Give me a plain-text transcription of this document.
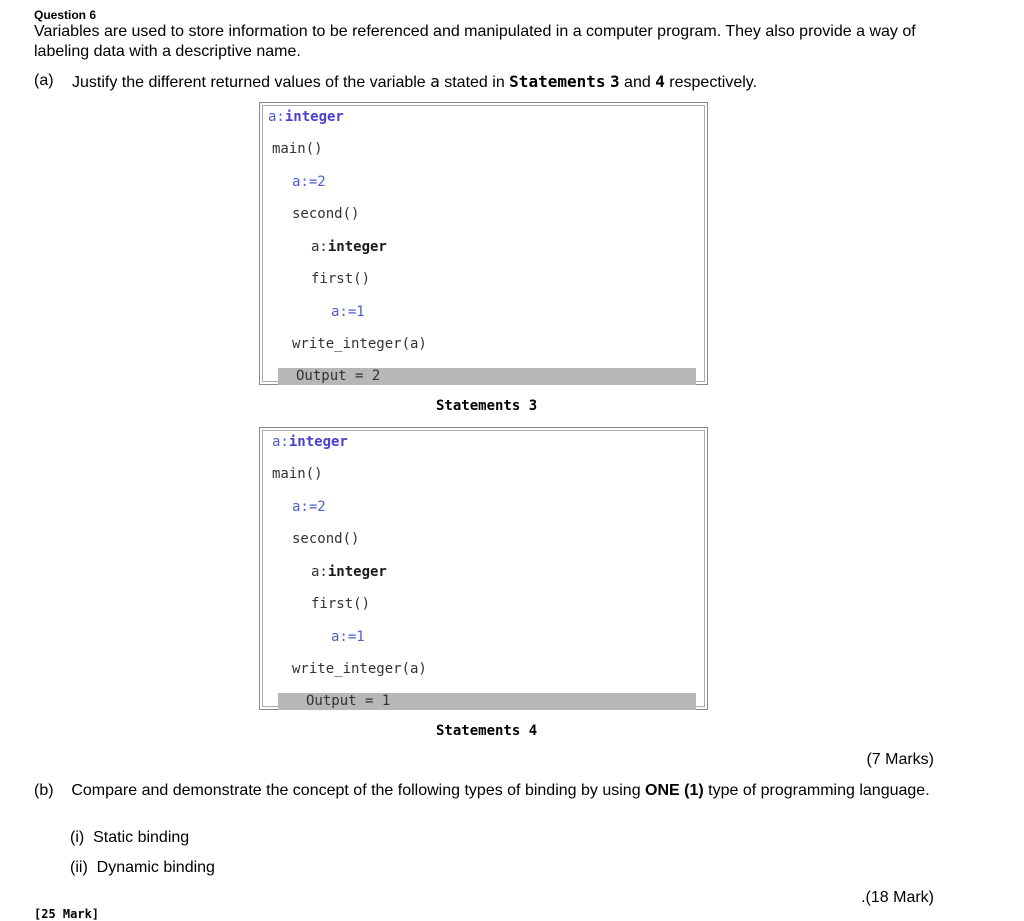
Question 6
Variables are used to store information to be referenced and manipulated in a computer program. They also provide a way of labeling data with a descriptive name.
(a) Justify the different returned values of the variable a stated in Statements 3 and 4 respectively.
a:integer
main()
a:=2
second()
a:integer
first()
a:=1
write_integer(a)
Output = 2
Statements 3
a:integer
main()
a:=2
second()
a:integer
first()
a:=1
write_integer(a)
Output = 1
Statements 4
(7 Marks)
(b) Compare and demonstrate the concept of the following types of binding by using ONE (1) type of programming language.
(i) Static binding
(ii) Dynamic binding
.(18 Mark)
[25 Mark]
